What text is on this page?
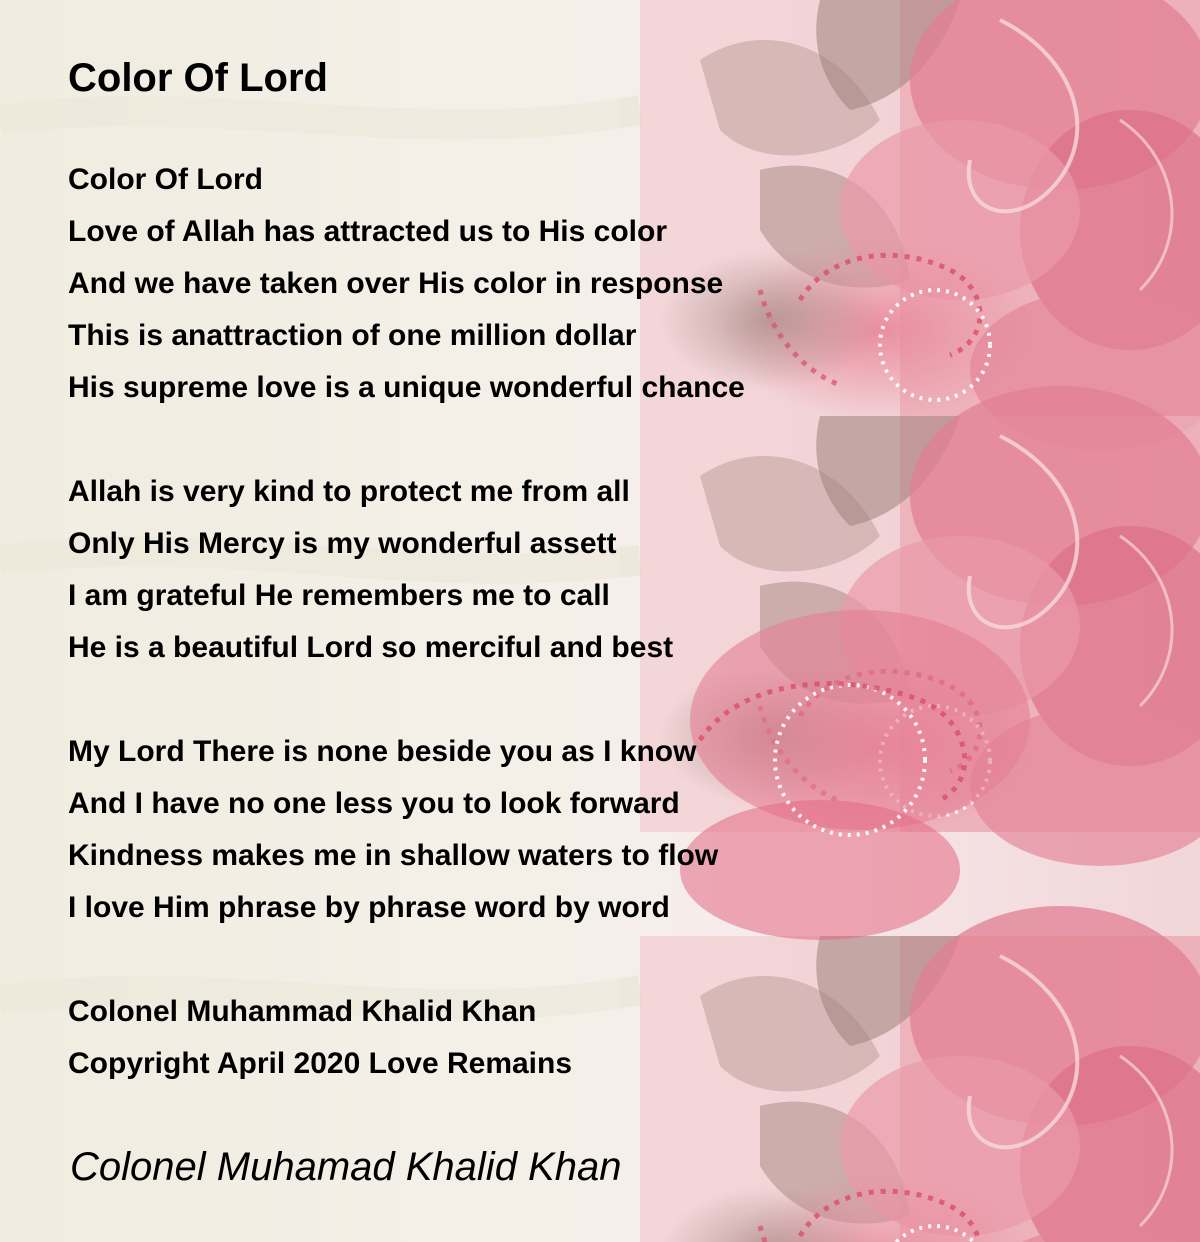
Color Of Lord
Color Of Lord
Love of Allah has attracted us to His color
And we have taken over His color in response
This is anattraction of one million dollar
His supreme love is a unique wonderful chance
Allah is very kind to protect me from all
Only His Mercy is my wonderful assett
I am grateful He remembers me to call
He is a beautiful Lord so merciful and best
My Lord There is none beside you as I know
And I have no one less you to look forward
Kindness makes me in shallow waters to flow
I love Him phrase by phrase word by word
Colonel Muhammad Khalid Khan
Copyright April 2020 Love Remains
Colonel Muhamad Khalid Khan
